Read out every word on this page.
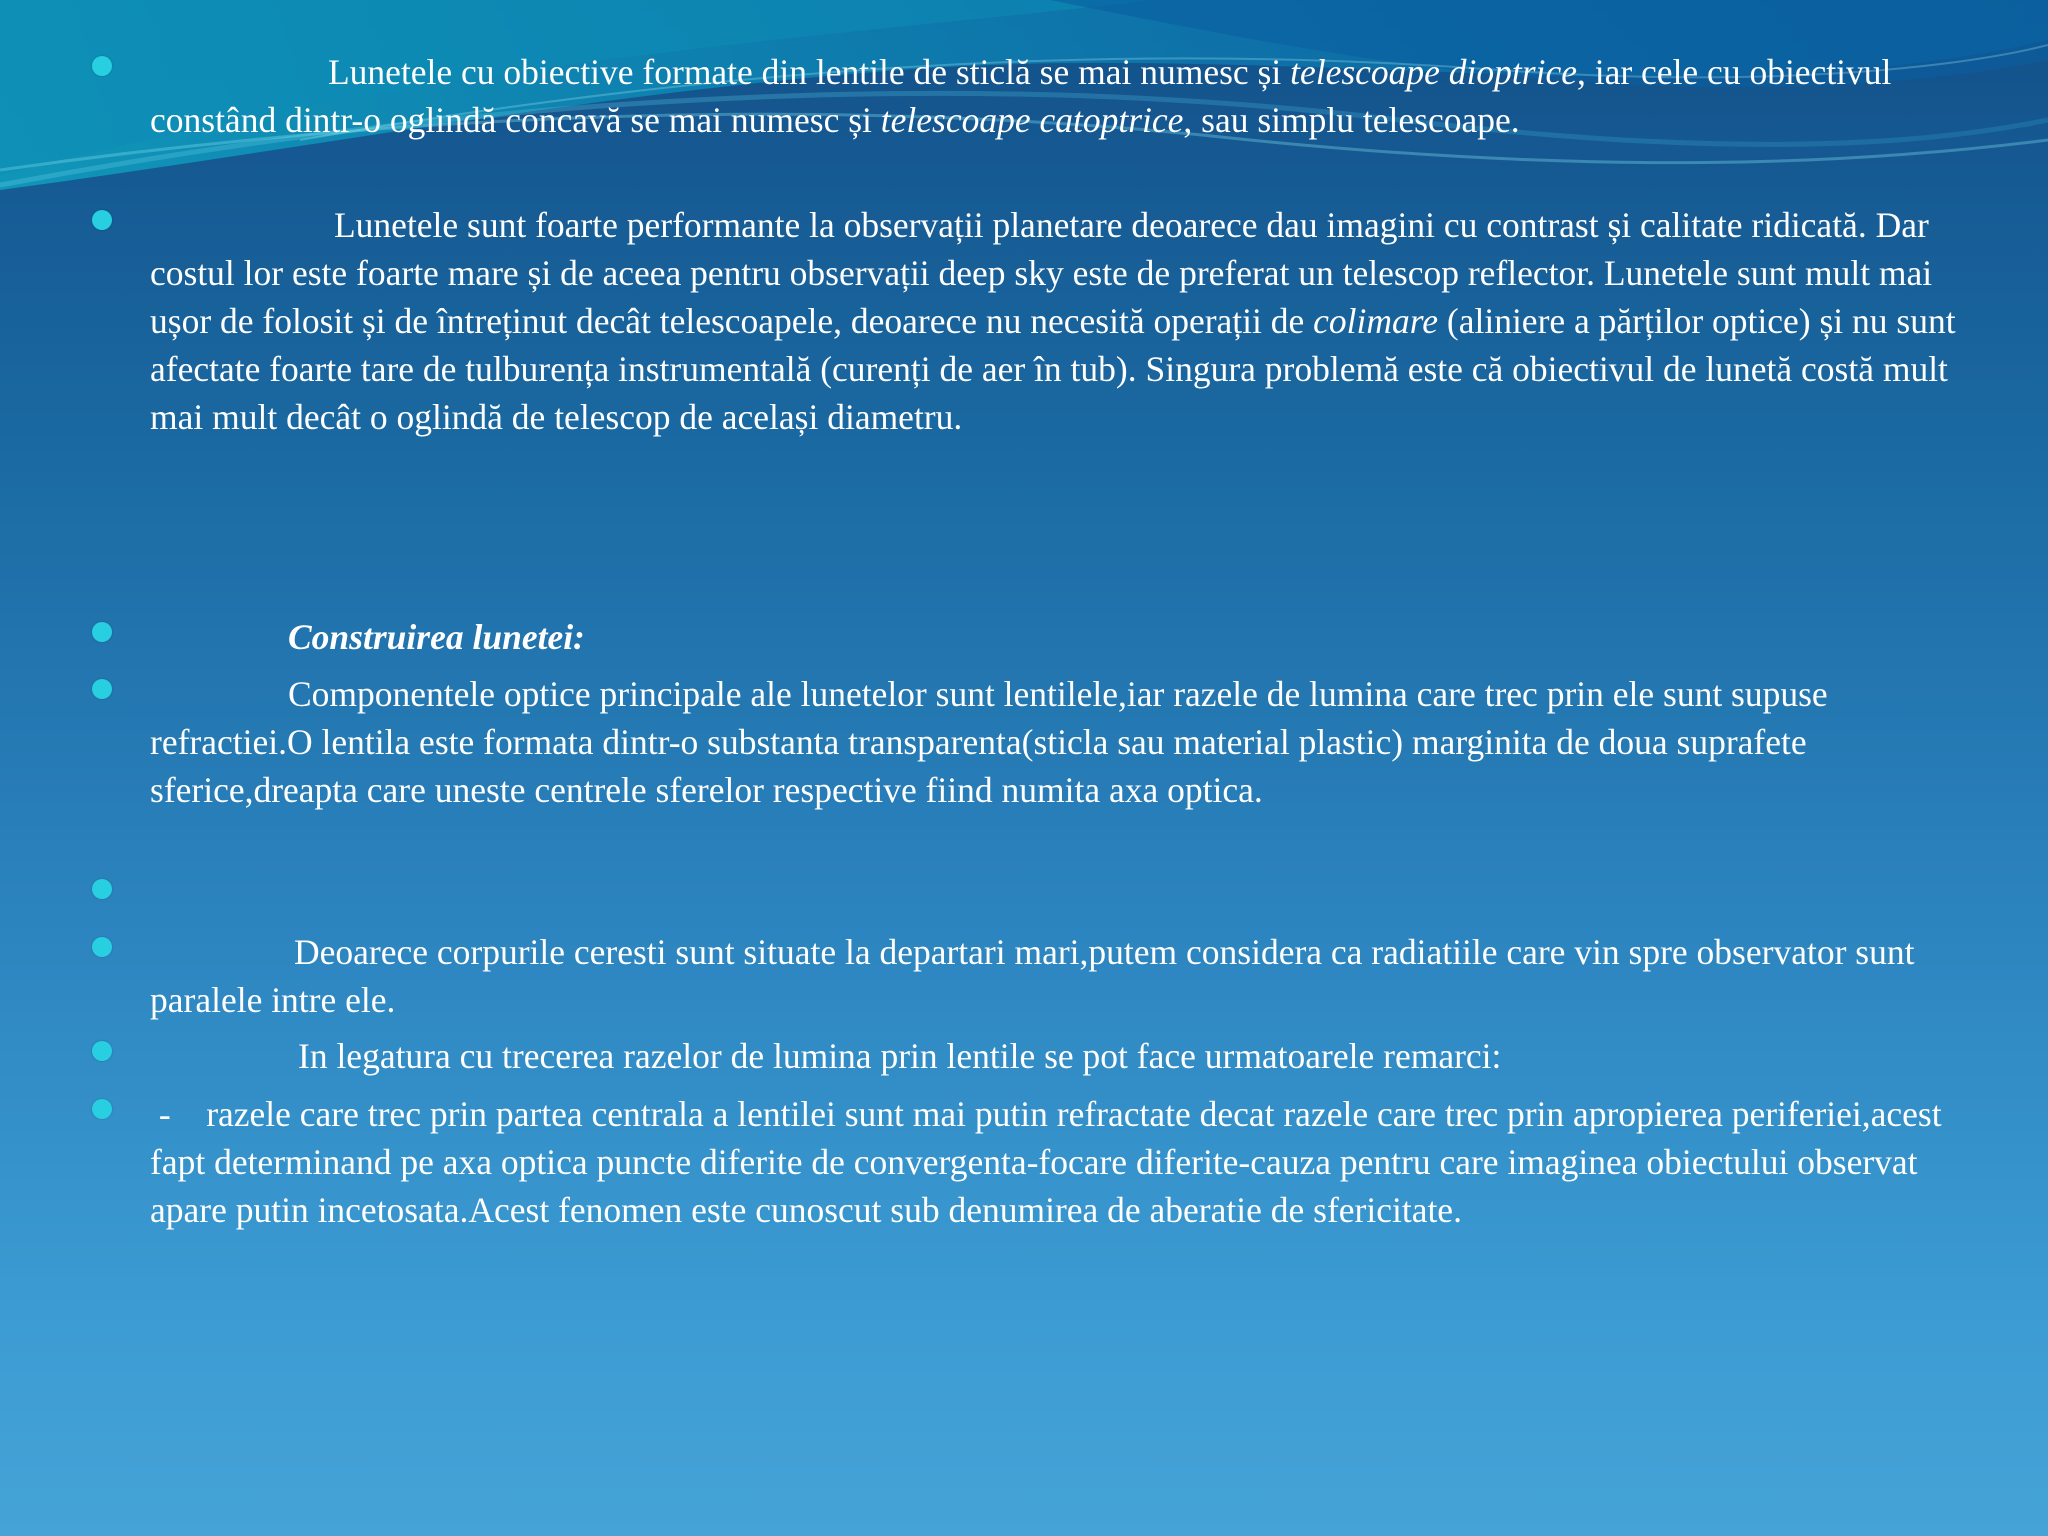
Lunetele cu obiective formate din lentile de sticlă se mai numesc și telescoape dioptrice, iar cele cu obiectivul constând dintr-o oglindă concavă se mai numesc și telescoape catoptrice, sau simplu telescoape.

Lunetele sunt foarte performante la observații planetare deoarece dau imagini cu contrast și calitate ridicată. Dar costul lor este foarte mare și de aceea pentru observații deep sky este de preferat un telescop reflector. Lunetele sunt mult mai ușor de folosit și de întreținut decât telescoapele, deoarece nu necesită operații de colimare (aliniere a părților optice) și nu sunt afectate foarte tare de tulburența instrumentală (curenți de aer în tub). Singura problemă este că obiectivul de lunetă costă mult mai mult decât o oglindă de telescop de același diametru.

Construirea lunetei:

Componentele optice principale ale lunetelor sunt lentilele,iar razele de lumina care trec prin ele sunt supuse refractiei.O lentila este formata dintr-o substanta transparenta(sticla sau material plastic) marginita de doua suprafete sferice,dreapta care uneste centrele sferelor respective fiind numita axa optica.

Deoarece corpurile ceresti sunt situate la departari mari,putem considera ca radiatiile care vin spre observator sunt paralele intre ele.

In legatura cu trecerea razelor de lumina prin lentile se pot face urmatoarele remarci:

-    razele care trec prin partea centrala a lentilei sunt mai putin refractate decat razele care trec prin apropierea periferiei,acest fapt determinand pe axa optica puncte diferite de convergenta-focare diferite-cauza pentru care imaginea obiectului observat apare putin incetosata.Acest fenomen este cunoscut sub denumirea de aberatie de sfericitate.
